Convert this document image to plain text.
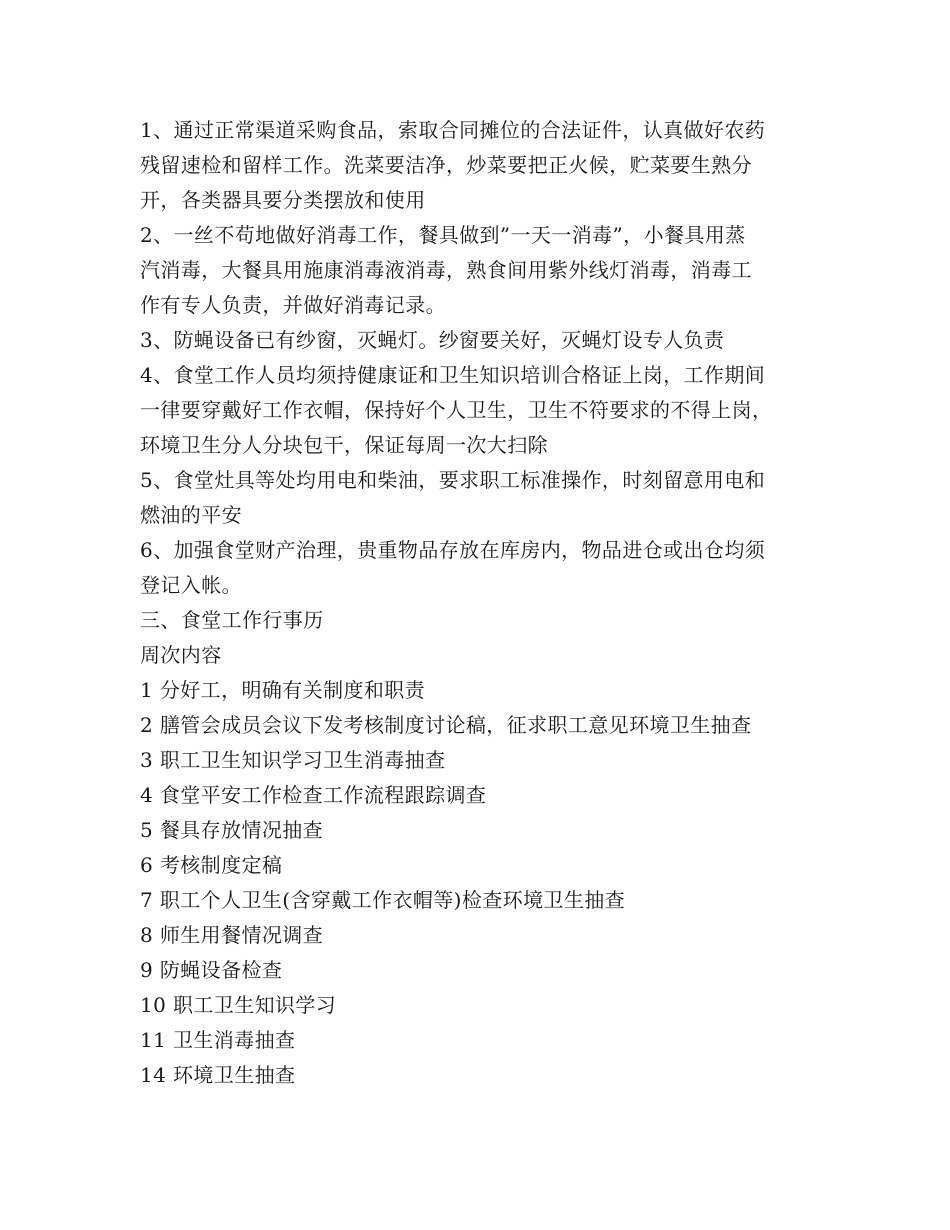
1、通过正常渠道采购食品，索取合同摊位的合法证件，认真做好农药
残留速检和留样工作。洗菜要洁净，炒菜要把正火候，贮菜要生熟分
开，各类器具要分类摆放和使用
2、一丝不苟地做好消毒工作，餐具做到”一天一消毒”，小餐具用蒸
汽消毒，大餐具用施康消毒液消毒，熟食间用紫外线灯消毒，消毒工
作有专人负责，并做好消毒记录。
3、防蝇设备已有纱窗，灭蝇灯。纱窗要关好，灭蝇灯设专人负责
4、食堂工作人员均须持健康证和卫生知识培训合格证上岗，工作期间
一律要穿戴好工作衣帽，保持好个人卫生，卫生不符要求的不得上岗，
环境卫生分人分块包干，保证每周一次大扫除
5、食堂灶具等处均用电和柴油，要求职工标准操作，时刻留意用电和
燃油的平安
6、加强食堂财产治理，贵重物品存放在库房内，物品进仓或出仓均须
登记入帐。
三、食堂工作行事历
周次内容
1 分好工，明确有关制度和职责
2 膳管会成员会议下发考核制度讨论稿，征求职工意见环境卫生抽查
3 职工卫生知识学习卫生消毒抽查
4 食堂平安工作检查工作流程跟踪调查
5 餐具存放情况抽查
6 考核制度定稿
7 职工个人卫生(含穿戴工作衣帽等)检查环境卫生抽查
8 师生用餐情况调查
9 防蝇设备检查
10 职工卫生知识学习
11 卫生消毒抽查
14 环境卫生抽查
